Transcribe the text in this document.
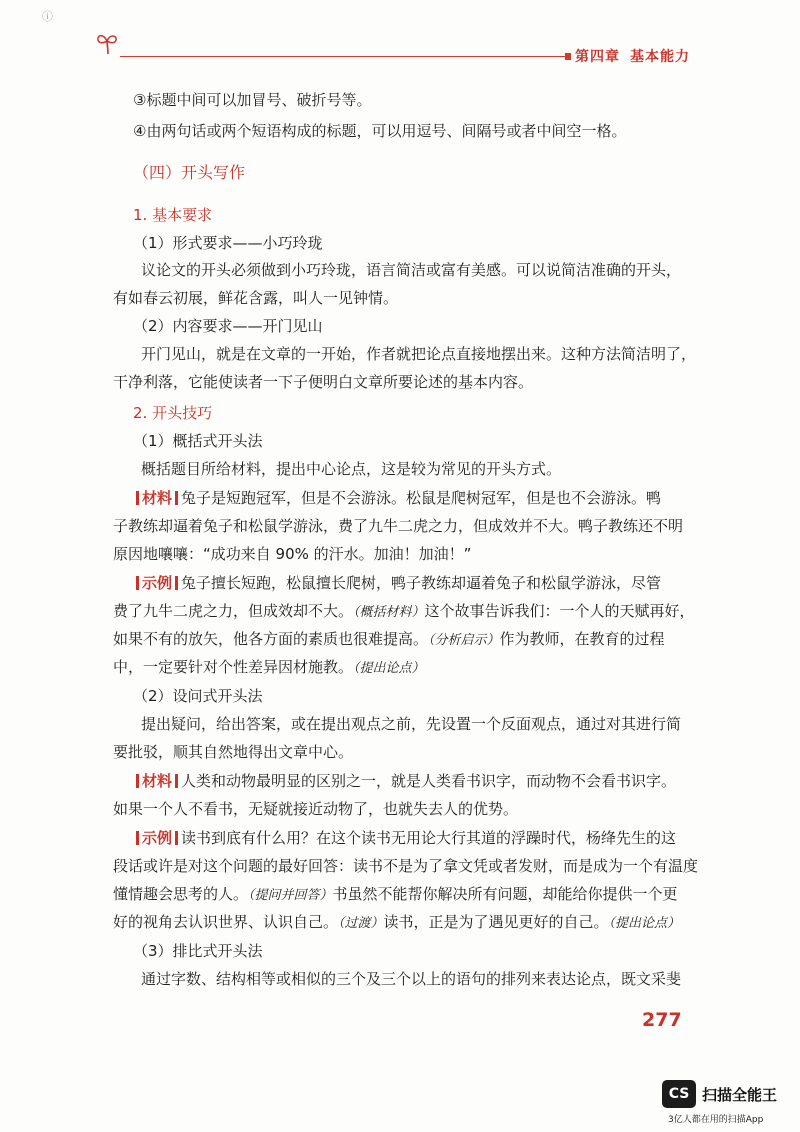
ⓘ
第四章 基本能力
③标题中间可以加冒号、破折号等。
④由两句话或两个短语构成的标题，可以用逗号、间隔号或者中间空一格。
（四）开头写作
1. 基本要求
（1）形式要求——小巧玲珑
议论文的开头必须做到小巧玲珑，语言简洁或富有美感。可以说简洁准确的开头，
有如春云初展，鲜花含露，叫人一见钟情。
（2）内容要求——开门见山
开门见山，就是在文章的一开始，作者就把论点直接地摆出来。这种方法简洁明了，
干净利落，它能使读者一下子便明白文章所要论述的基本内容。
2. 开头技巧
（1）概括式开头法
概括题目所给材料，提出中心论点，这是较为常见的开头方式。
材料 兔子是短跑冠军，但是不会游泳。松鼠是爬树冠军，但是也不会游泳。鸭
子教练却逼着兔子和松鼠学游泳，费了九牛二虎之力，但成效并不大。鸭子教练还不明
原因地嚷嚷：“成功来自 90% 的汗水。加油！加油！”
示例 兔子擅长短跑，松鼠擅长爬树，鸭子教练却逼着兔子和松鼠学游泳，尽管
费了九牛二虎之力，但成效却不大。（概括材料）这个故事告诉我们：一个人的天赋再好，
如果不有的放矢，他各方面的素质也很难提高。（分析启示）作为教师，在教育的过程
中，一定要针对个性差异因材施教。（提出论点）
（2）设问式开头法
提出疑问，给出答案，或在提出观点之前，先设置一个反面观点，通过对其进行简
要批驳，顺其自然地得出文章中心。
材料 人类和动物最明显的区别之一，就是人类看书识字，而动物不会看书识字。
如果一个人不看书，无疑就接近动物了，也就失去人的优势。
示例 读书到底有什么用？在这个读书无用论大行其道的浮躁时代，杨绛先生的这
段话或许是对这个问题的最好回答：读书不是为了拿文凭或者发财，而是成为一个有温度
懂情趣会思考的人。（提问并回答）书虽然不能帮你解决所有问题，却能给你提供一个更
好的视角去认识世界、认识自己。（过渡）读书，正是为了遇见更好的自己。（提出论点）
（3）排比式开头法
通过字数、结构相等或相似的三个及三个以上的语句的排列来表达论点，既文采斐
277
CS 扫描全能王
3亿人都在用的扫描App
